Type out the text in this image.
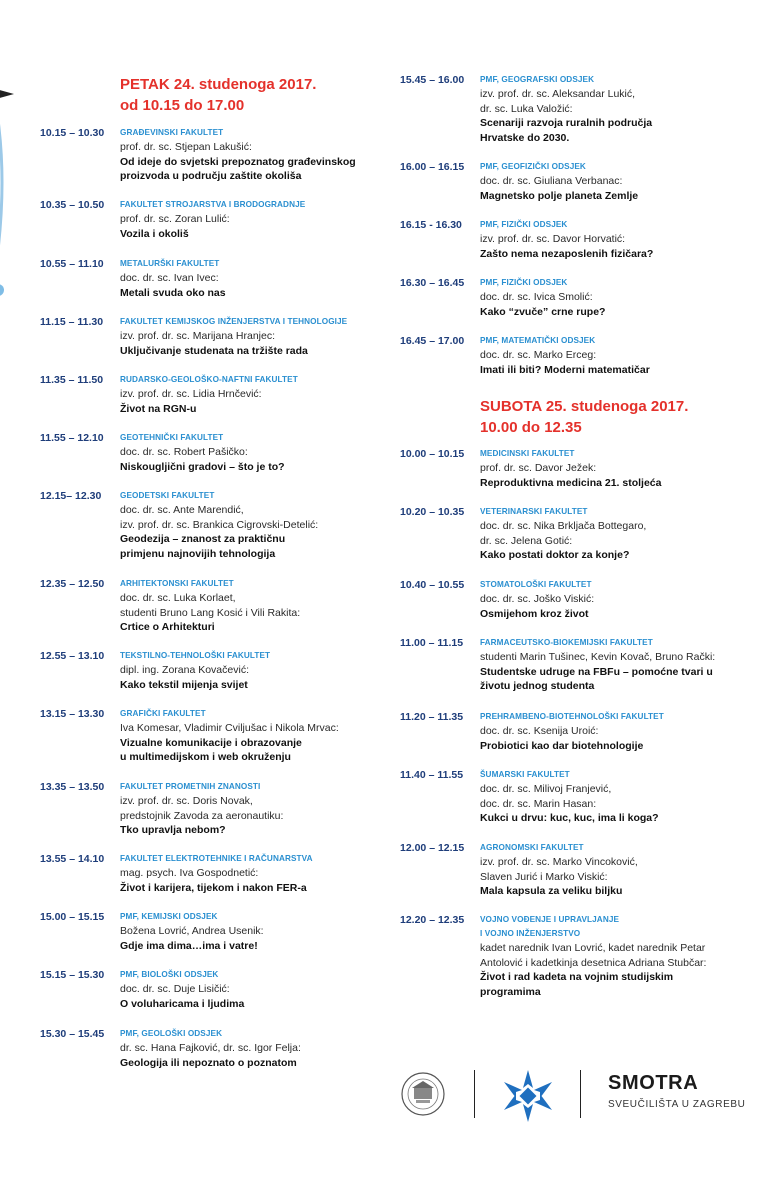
PETAK 24. studenoga 2017.
od 10.15 do 17.00
10.15 – 10.30 GRAĐEVINSKI FAKULTET
prof. dr. sc. Stjepan Lakušić:
Od ideje do svjetski prepoznatog građevinskog
proizvoda u području zaštite okoliša
10.35 – 10.50 FAKULTET STROJARSTVA I BRODOGRADNJE
prof. dr. sc. Zoran Lulić:
Vozila i okoliš
10.55 – 11.10 METALURŠKI FAKULTET
doc. dr. sc. Ivan Ivec:
Metali svuda oko nas
11.15 – 11.30 FAKULTET KEMIJSKOG INŽENJERSTVA I TEHNOLOGIJE
izv. prof. dr. sc. Marijana Hranjec:
Uključivanje studenata na tržište rada
11.35 – 11.50 RUDARSKO-GEOLOŠKO-NAFTNI FAKULTET
izv. prof. dr. sc. Lidia Hrnčević:
Život na RGN-u
11.55 – 12.10 GEOTEHNIČKI FAKULTET
doc. dr. sc. Robert Pašičko:
Niskougljični gradovi – što je to?
12.15– 12.30 GEODETSKI FAKULTET
doc. dr. sc. Ante Marendić,
izv. prof. dr. sc. Brankica Cigrovski-Detelić:
Geodezija – znanost za praktičnu
primjenu najnovijih tehnologija
12.35 – 12.50 ARHITEKTONSKI FAKULTET
doc. dr. sc. Luka Korlaet,
studenti Bruno Lang Kosić i Vili Rakita:
Crtice o Arhitekturi
12.55 – 13.10 TEKSTILNO-TEHNOLOŠKI FAKULTET
dipl. ing. Zorana Kovačević:
Kako tekstil mijenja svijet
13.15 – 13.30 GRAFIČKI FAKULTET
Iva Komesar, Vladimir Cviljušac i Nikola Mrvac:
Vizualne komunikacije i obrazovanje
u multimedijskom i web okruženju
13.35 – 13.50 FAKULTET PROMETNIH ZNANOSTI
izv. prof. dr. sc. Doris Novak,
predstojnik Zavoda za aeronautiku:
Tko upravlja nebom?
13.55 – 14.10 FAKULTET ELEKTROTEHNIKE I RAČUNARSTVA
mag. psych. Iva Gospodnetić:
Život i karijera, tijekom i nakon FER-a
15.00 – 15.15 PMF, KEMIJSKI ODSJEK
Božena Lovrić, Andrea Usenik:
Gdje ima dima…ima i vatre!
15.15 – 15.30 PMF, BIOLOŠKI ODSJEK
doc. dr. sc. Duje Lisičić:
O voluharicama i ljudima
15.30 – 15.45 PMF, GEOLOŠKI ODSJEK
dr. sc. Hana Fajković, dr. sc. Igor Felja:
Geologija ili nepoznato o poznatom
15.45 – 16.00 PMF, GEOGRAFSKI ODSJEK
izv. prof. dr. sc. Aleksandar Lukić,
dr. sc. Luka Valožić:
Scenariji razvoja ruralnih područja
Hrvatske do 2030.
16.00 – 16.15 PMF, GEOFIZIČKI ODSJEK
doc. dr. sc. Giuliana Verbanac:
Magnetsko polje planeta Zemlje
16.15 - 16.30 PMF, FIZIČKI ODSJEK
izv. prof. dr. sc. Davor Horvatić:
Zašto nema nezaposlenih fizičara?
16.30 – 16.45 PMF, FIZIČKI ODSJEK
doc. dr. sc. Ivica Smolić:
Kako “zvuče” crne rupe?
16.45 – 17.00 PMF, MATEMATIČKI ODSJEK
doc. dr. sc. Marko Erceg:
Imati ili biti? Moderni matematičar
SUBOTA 25. studenoga 2017.
10.00 do 12.35
10.00 – 10.15 MEDICINSKI FAKULTET
prof. dr. sc. Davor Ježek:
Reproduktivna medicina 21. stoljeća
10.20 – 10.35 VETERINARSKI FAKULTET
doc. dr. sc. Nika Brkljača Bottegaro,
dr. sc. Jelena Gotić:
Kako postati doktor za konje?
10.40 – 10.55 STOMATOLOŠKI FAKULTET
doc. dr. sc. Joško Viskić:
Osmijehom kroz život
11.00 – 11.15 FARMACEUTSKO-BIOKEMIJSKI FAKULTET
studenti Marin Tušinec, Kevin Kovač, Bruno Rački:
Studentske udruge na FBFu – pomoćne tvari u
životu jednog studenta
11.20 – 11.35 PREHRAMBENO-BIOTEHNOLOŠKI FAKULTET
doc. dr. sc. Ksenija Uroić:
Probiotici kao dar biotehnologije
11.40 – 11.55 ŠUMARSKI FAKULTET
doc. dr. sc. Milivoj Franjević,
doc. dr. sc. Marin Hasan:
Kukci u drvu: kuc, kuc, ima li koga?
12.00 – 12.15 AGRONOMSKI FAKULTET
izv. prof. dr. sc. Marko Vincoković,
Slaven Jurić i Marko Viskić:
Mala kapsula za veliku biljku
12.20 – 12.35 VOJNO VOĐENJE I UPRAVLJANJE
I VOJNO INŽENJERSTVO
kadet narednik Ivan Lovrić, kadet narednik Petar
Antolović i kadetkinja desetnica Adriana Stubčar:
Život i rad kadeta na vojnim studijskim
programima
SMOTRA
SVEUČILIŠTA U ZAGREBU
